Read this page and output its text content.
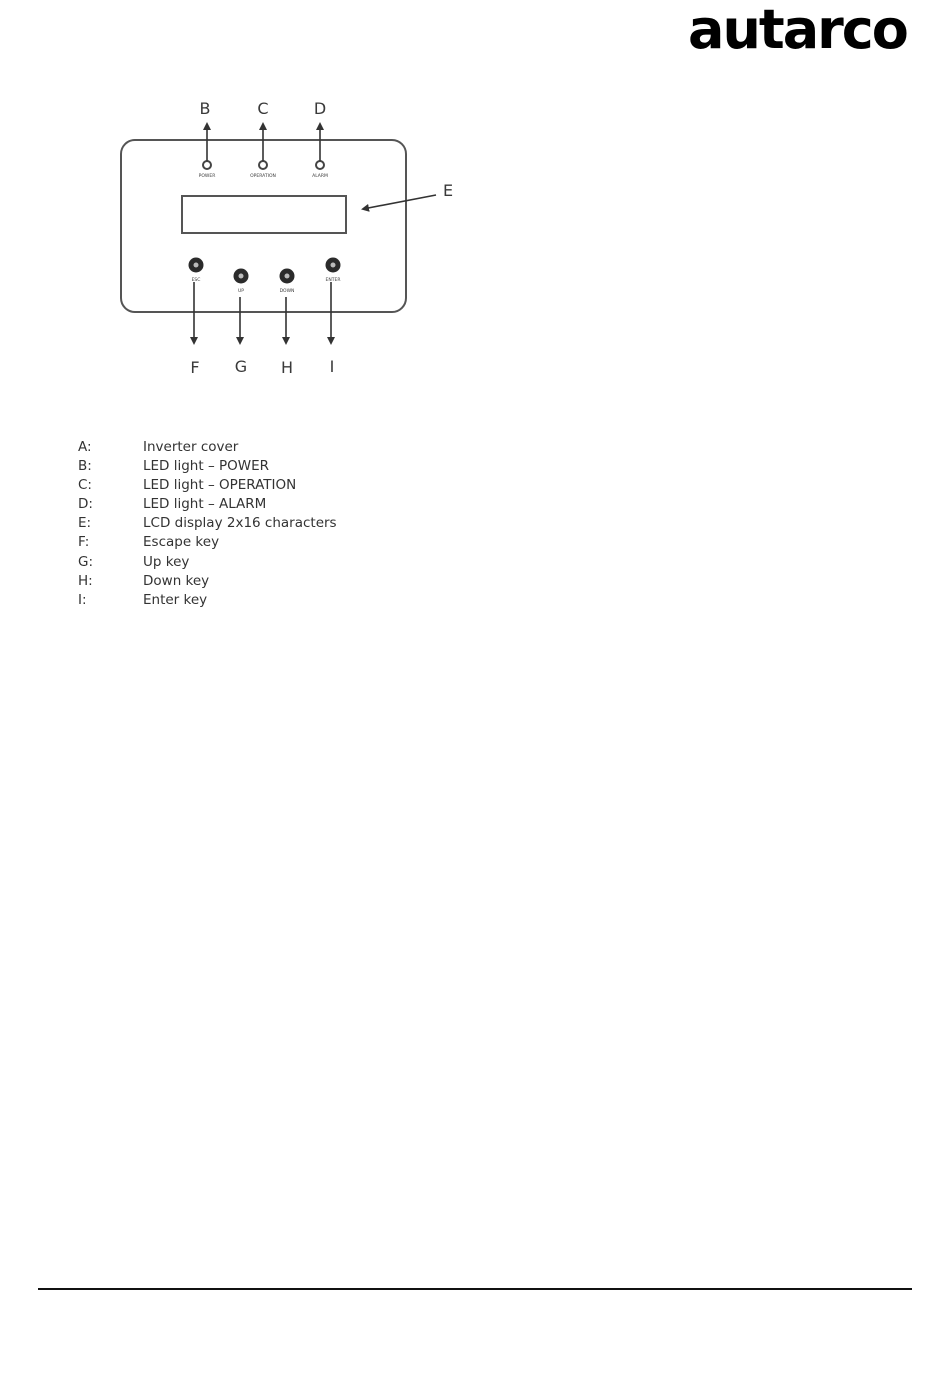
autarco
POWER	OPERATION	ALARM
ESC
UP	DOWN
ENTER
B	C	D
E
F G H I
A:	Inverter cover
B:	LED light – POWER
C:	LED light – OPERATION
D:	LED light – ALARM
E:	LCD display 2x16 characters
F:	Escape key
G:	Up key
H:	Down key
I:	Enter key
